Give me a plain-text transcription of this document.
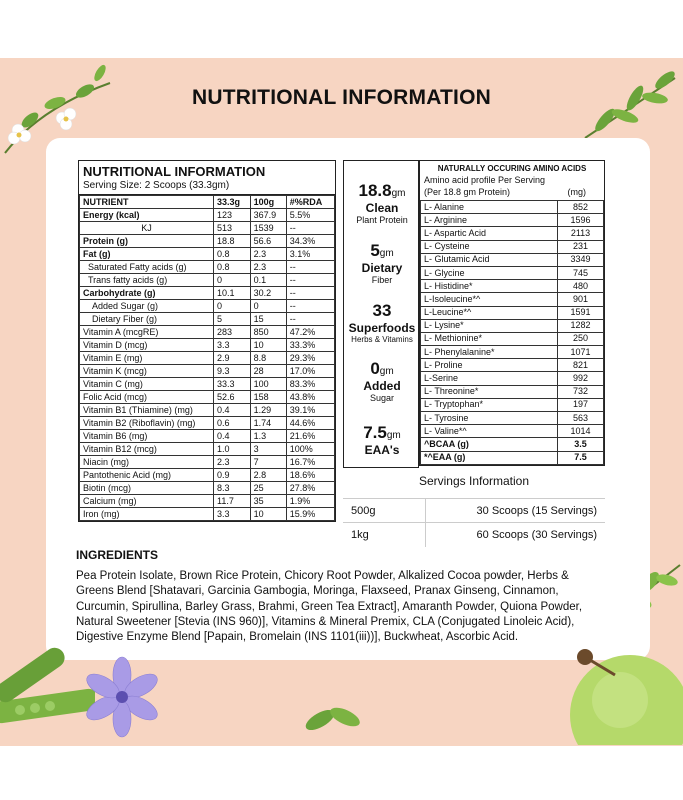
NUTRITIONAL INFORMATION
NUTRITIONAL INFORMATION
Serving Size: 2 Scoops (33.3gm)
NUTRIENT	33.3g	100g	#%RDA
Energy (kcal)	123	367.9	5.5%
KJ	513	1539	--
Protein (g)	18.8	56.6	34.3%
Fat (g)	0.8	2.3	3.1%
Saturated Fatty acids (g)	0.8	2.3	--
Trans fatty acids (g)	0	0.1	--
Carbohydrate (g)	10.1	30.2	--
Added Sugar (g)	0	0	--
Dietary Fiber (g)	5	15	--
Vitamin A (mcgRE)	283	850	47.2%
Vitamin D (mcg)	3.3	10	33.3%
Vitamin E (mg)	2.9	8.8	29.3%
Vitamin K (mcg)	9.3	28	17.0%
Vitamin C (mg)	33.3	100	83.3%
Folic Acid (mcg)	52.6	158	43.8%
Vitamin B1 (Thiamine) (mg)	0.4	1.29	39.1%
Vitamin B2 (Riboflavin) (mg)	0.6	1.74	44.6%
Vitamin B6 (mg)	0.4	1.3	21.6%
Vitamin B12 (mcg)	1.0	3	100%
Niacin (mg)	2.3	7	16.7%
Pantothenic Acid (mg)	0.9	2.8	18.6%
Biotin (mcg)	8.3	25	27.8%
Calcium (mg)	11.7	35	1.9%
Iron (mg)	3.3	10	15.9%
18.8gm
Clean
Plant Protein
5gm
Dietary
Fiber
33
Superfoods
Herbs & Vitamins
0gm
Added
Sugar
7.5gm
EAA's
NATURALLY OCCURING AMINO ACIDS
Amino acid profile Per Serving
(Per 18.8 gm Protein)	(mg)
L- Alanine	852
L- Arginine	1596
L- Aspartic Acid	2113
L- Cysteine	231
L- Glutamic Acid	3349
L- Glycine	745
L- Histidine*	480
L-Isoleucine*^	901
L-Leucine*^	1591
L- Lysine*	1282
L- Methionine*	250
L- Phenylalanine*	1071
L- Proline	821
L-Serine	992
L- Threonine*	732
L- Tryptophan*	197
L- Tyrosine	563
L- Valine*^	1014
^BCAA (g)	3.5
*^EAA (g)	7.5
Servings Information
500g	30 Scoops (15 Servings)
1kg	60 Scoops (30 Servings)
INGREDIENTS
Pea Protein Isolate, Brown Rice Protein, Chicory Root Powder, Alkalized Cocoa powder, Herbs & Greens Blend [Shatavari, Garcinia Gambogia, Moringa, Flaxseed, Pranax Ginseng, Cinnamon, Curcumin, Spirullina, Barley Grass, Brahmi, Green Tea Extract], Amaranth Powder, Quiona Powder, Natural Sweetener [Stevia (INS 960)], Vitamins & Mineral Premix, CLA (Conjugated Linoleic Acid), Digestive Enzyme Blend [Papain, Bromelain (INS 1101(iii))], Buckwheat, Ascorbic Acid.
